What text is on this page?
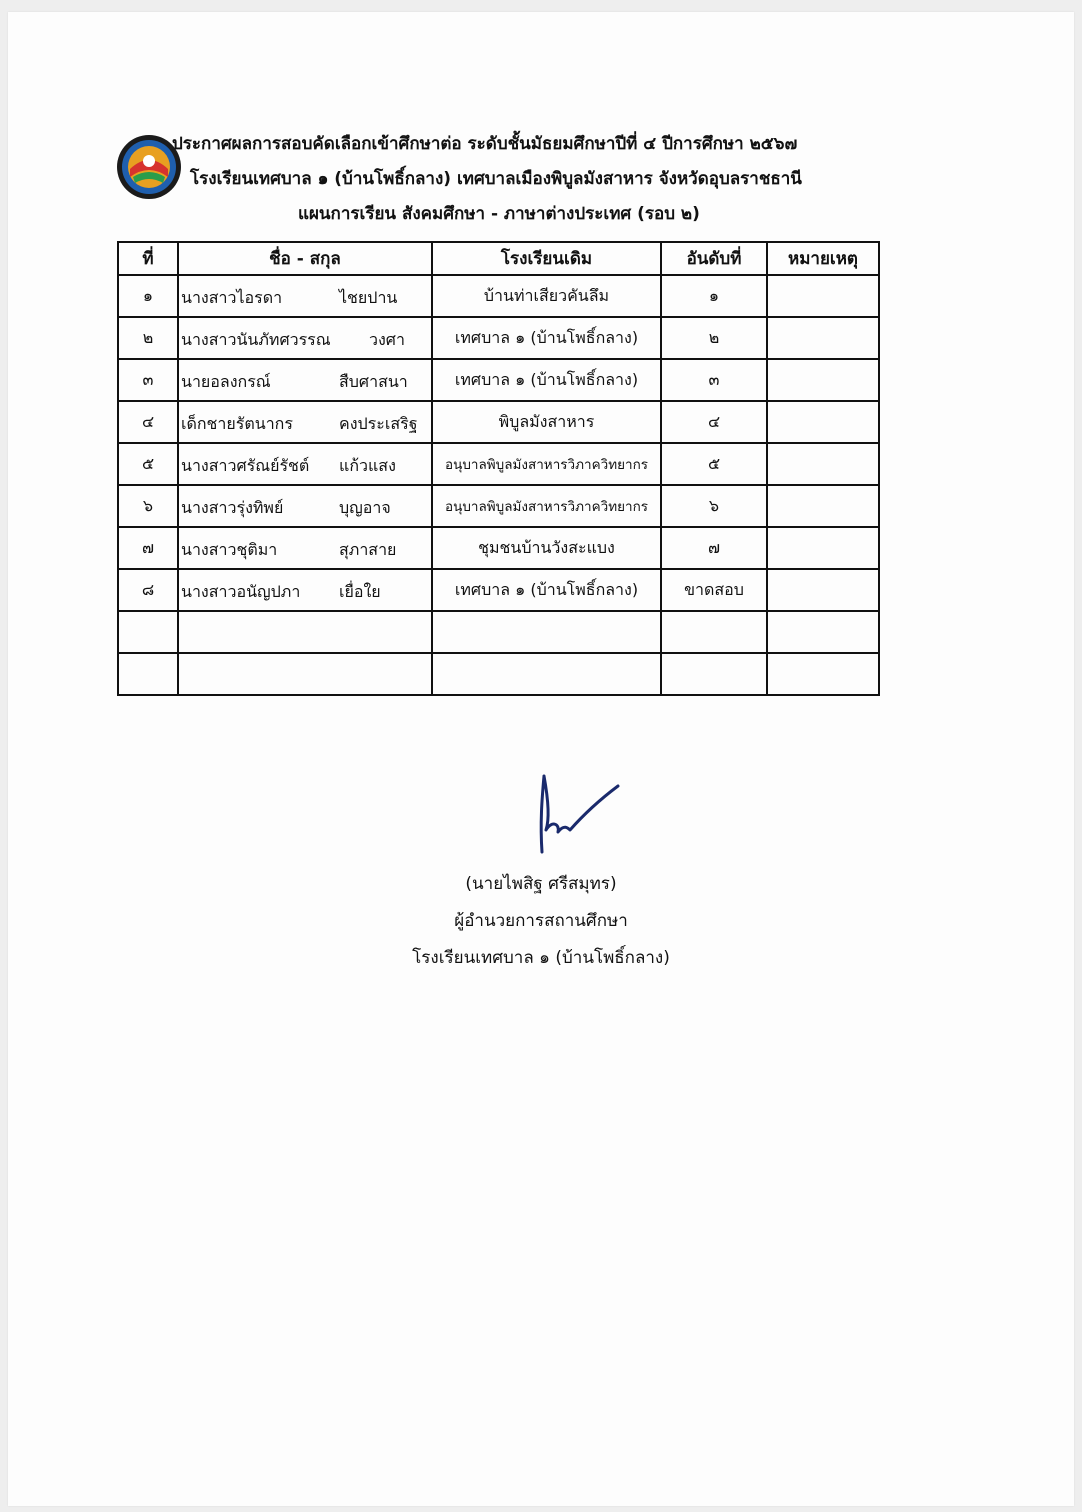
ประกาศผลการสอบคัดเลือกเข้าศึกษาต่อ ระดับชั้นมัธยมศึกษาปีที่ ๔ ปีการศึกษา ๒๕๖๗
โรงเรียนเทศบาล ๑ (บ้านโพธิ์กลาง) เทศบาลเมืองพิบูลมังสาหาร จังหวัดอุบลราชธานี
แผนการเรียน สังคมศึกษา - ภาษาต่างประเทศ (รอบ ๒)
ที่	ชื่อ - สกุล	โรงเรียนเดิม	อันดับที่	หมายเหตุ
๑	นางสาวไอรดา ไชยปาน	บ้านท่าเสียวคันลึม	๑	
๒	นางสาวนันภัทศวรรณ วงศา	เทศบาล ๑ (บ้านโพธิ์กลาง)	๒	
๓	นายอลงกรณ์ สืบศาสนา	เทศบาล ๑ (บ้านโพธิ์กลาง)	๓	
๔	เด็กชายรัตนากร คงประเสริฐ	พิบูลมังสาหาร	๔	
๕	นางสาวศรัณย์รัชต์ แก้วแสง	อนุบาลพิบูลมังสาหารวิภาควิทยากร	๕	
๖	นางสาวรุ่งทิพย์ บุญอาจ	อนุบาลพิบูลมังสาหารวิภาควิทยากร	๖	
๗	นางสาวชุติมา สุภาสาย	ชุมชนบ้านวังสะแบง	๗	
๘	นางสาวอนัญปภา เยื่อใย	เทศบาล ๑ (บ้านโพธิ์กลาง)	ขาดสอบ	

(นายไพสิฐ ศรีสมุทร)
ผู้อำนวยการสถานศึกษา
โรงเรียนเทศบาล ๑ (บ้านโพธิ์กลาง)
